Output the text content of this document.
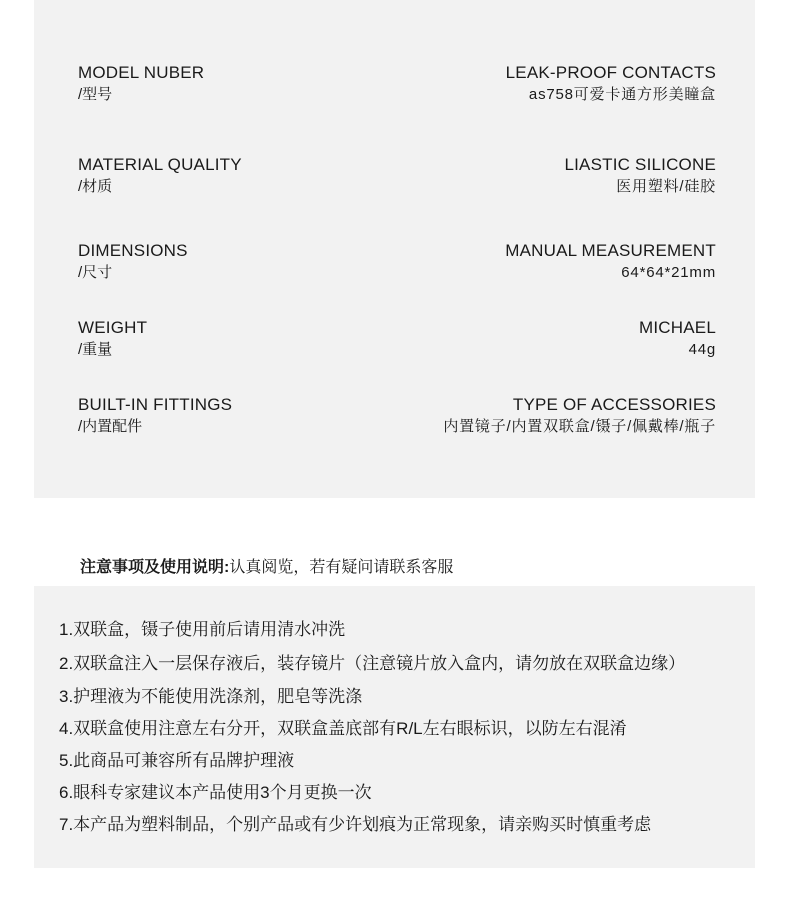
MODEL NUBER
/型号
LEAK-PROOF CONTACTS
as758可爱卡通方形美瞳盒
MATERIAL QUALITY
/材质
LIASTIC SILICONE
医用塑料/硅胶
DIMENSIONS
/尺寸
MANUAL MEASUREMENT
64*64*21mm
WEIGHT
/重量
MICHAEL
44g
BUILT-IN FITTINGS
/内置配件
TYPE OF ACCESSORIES
内置镜子/内置双联盒/镊子/佩戴棒/瓶子
注意事项及使用说明:认真阅览，若有疑问请联系客服
1.双联盒，镊子使用前后请用清水冲洗
2.双联盒注入一层保存液后，装存镜片（注意镜片放入盒内，请勿放在双联盒边缘）
3.护理液为不能使用洗涤剂，肥皂等洗涤
4.双联盒使用注意左右分开，双联盒盖底部有R/L左右眼标识，以防左右混淆
5.此商品可兼容所有品牌护理液
6.眼科专家建议本产品使用3个月更换一次
7.本产品为塑料制品，个别产品或有少许划痕为正常现象，请亲购买时慎重考虑
